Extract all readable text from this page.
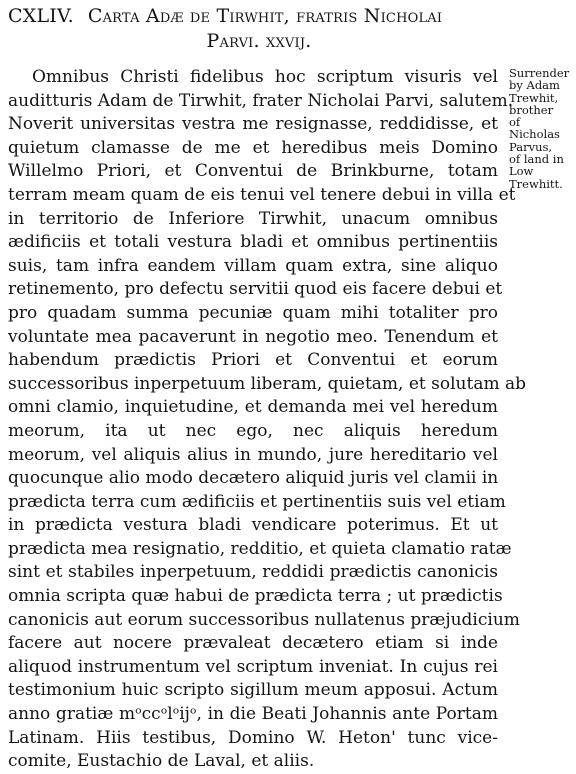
CXLIV. Carta Adæ de Tirwhit, fratris Nicholai
Parvi. xxvij.
Omnibus Christi fidelibus hoc scriptum visuris vel
auditturis Adam de Tirwhit, frater Nicholai Parvi, salutem.
Noverit universitas vestra me resignasse, reddidisse, et
quietum clamasse de me et heredibus meis Domino
Willelmo Priori, et Conventui de Brinkburne, totam
terram meam quam de eis tenui vel tenere debui in villa et
in territorio de Inferiore Tirwhit, unacum omnibus
ædificiis et totali vestura bladi et omnibus pertinentiis
suis, tam infra eandem villam quam extra, sine aliquo
retinemento, pro defectu servitii quod eis facere debui et
pro quadam summa pecuniæ quam mihi totaliter pro
voluntate mea pacaverunt in negotio meo. Tenendum et
habendum prædictis Priori et Conventui et eorum
successoribus inperpetuum liberam, quietam, et solutam ab
omni clamio, inquietudine, et demanda mei vel heredum
meorum, ita ut nec ego, nec aliquis heredum
meorum, vel aliquis alius in mundo, jure hereditario vel
quocunque alio modo decætero aliquid juris vel clamii in
prædicta terra cum ædificiis et pertinentiis suis vel etiam
in prædicta vestura bladi vendicare poterimus. Et ut
prædicta mea resignatio, redditio, et quieta clamatio ratæ
sint et stabiles inperpetuum, reddidi prædictis canonicis
omnia scripta quæ habui de prædicta terra ; ut prædictis
canonicis aut eorum successoribus nullatenus præjudicium
facere aut nocere prævaleat decætero etiam si inde
aliquod instrumentum vel scriptum inveniat. In cujus rei
testimonium huic scripto sigillum meum apposui. Actum
anno gratiæ mᵒccᵒlᵒijᵒ, in die Beati Johannis ante Portam
Latinam. Hiis testibus, Domino W. Heton' tunc vice-
comite, Eustachio de Laval, et aliis.
Surrender
by Adam
Trewhit,
brother
of
Nicholas
Parvus,
of land in
Low
Trewhitt.
